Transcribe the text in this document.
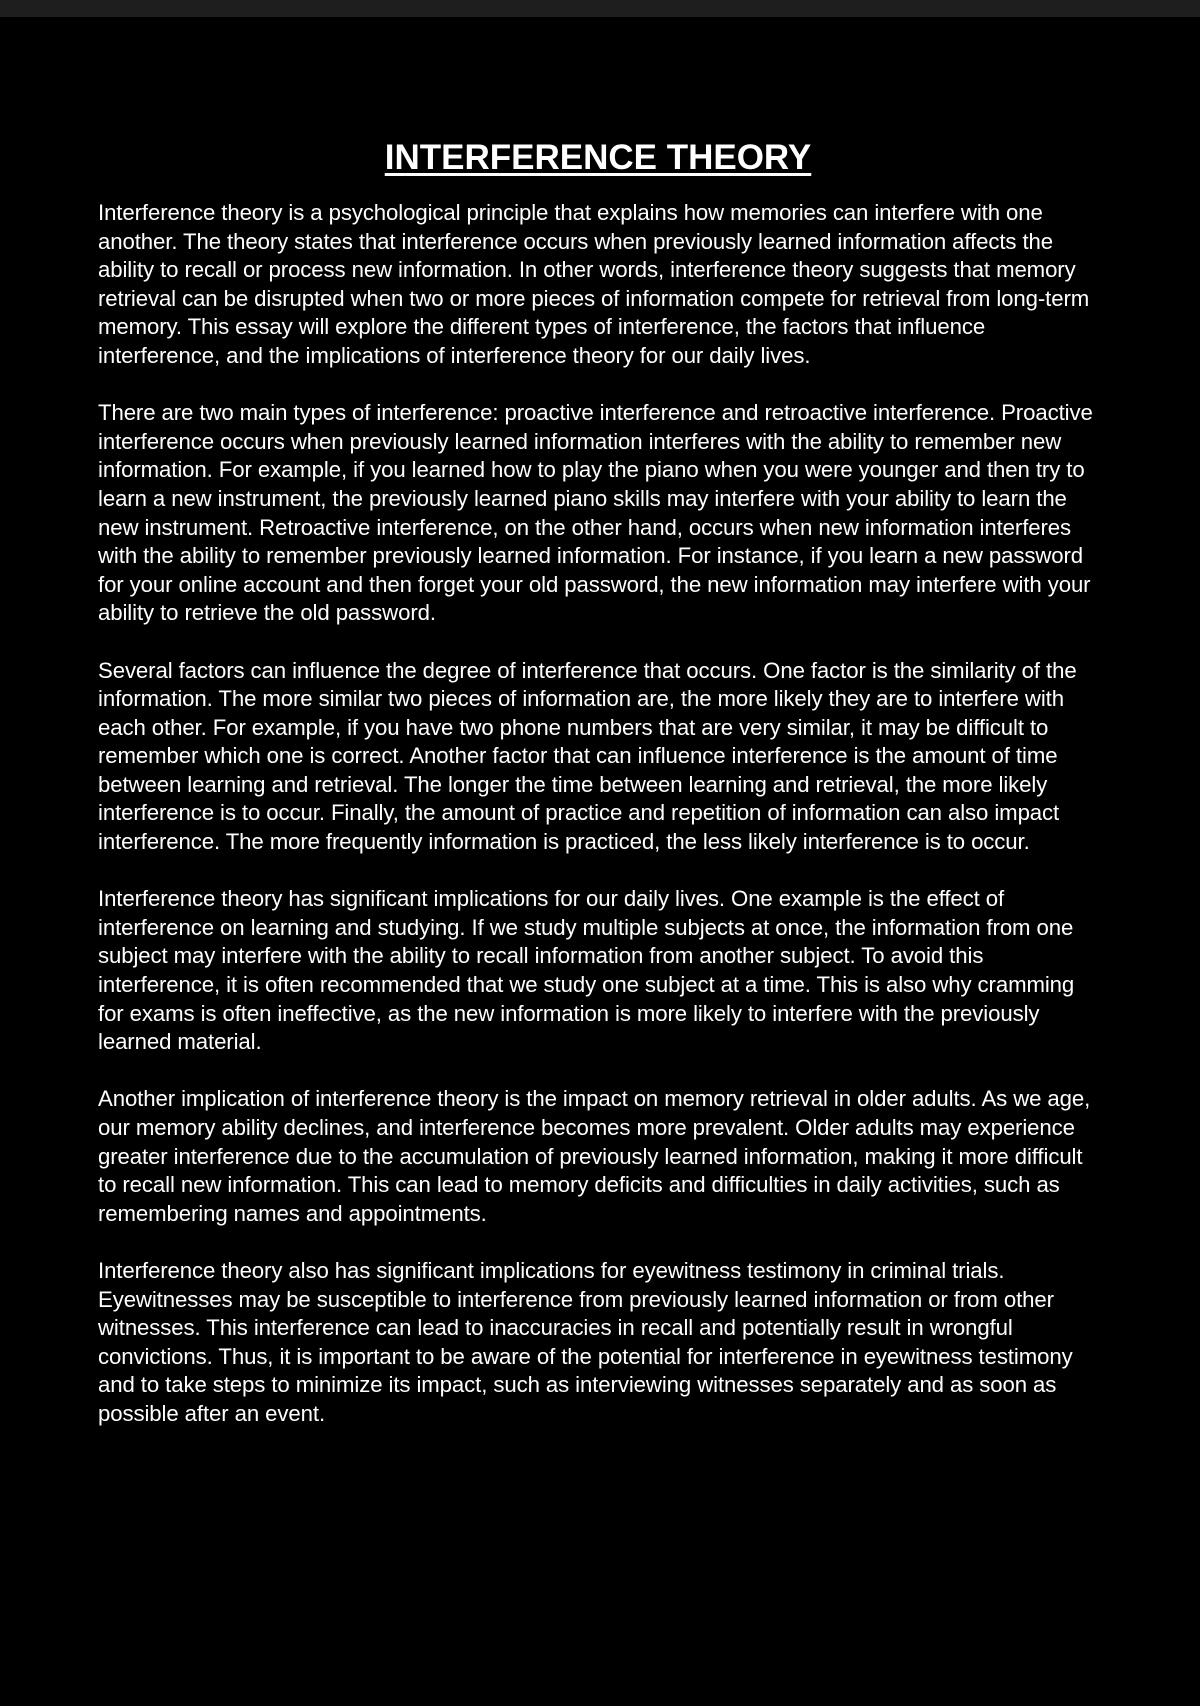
INTERFERENCE THEORY

Interference theory is a psychological principle that explains how memories can interfere with one another. The theory states that interference occurs when previously learned information affects the ability to recall or process new information. In other words, interference theory suggests that memory retrieval can be disrupted when two or more pieces of information compete for retrieval from long-term memory. This essay will explore the different types of interference, the factors that influence interference, and the implications of interference theory for our daily lives.

There are two main types of interference: proactive interference and retroactive interference. Proactive interference occurs when previously learned information interferes with the ability to remember new information. For example, if you learned how to play the piano when you were younger and then try to learn a new instrument, the previously learned piano skills may interfere with your ability to learn the new instrument. Retroactive interference, on the other hand, occurs when new information interferes with the ability to remember previously learned information. For instance, if you learn a new password for your online account and then forget your old password, the new information may interfere with your ability to retrieve the old password.

Several factors can influence the degree of interference that occurs. One factor is the similarity of the information. The more similar two pieces of information are, the more likely they are to interfere with each other. For example, if you have two phone numbers that are very similar, it may be difficult to remember which one is correct. Another factor that can influence interference is the amount of time between learning and retrieval. The longer the time between learning and retrieval, the more likely interference is to occur. Finally, the amount of practice and repetition of information can also impact interference. The more frequently information is practiced, the less likely interference is to occur.

Interference theory has significant implications for our daily lives. One example is the effect of interference on learning and studying. If we study multiple subjects at once, the information from one subject may interfere with the ability to recall information from another subject. To avoid this interference, it is often recommended that we study one subject at a time. This is also why cramming for exams is often ineffective, as the new information is more likely to interfere with the previously learned material.

Another implication of interference theory is the impact on memory retrieval in older adults. As we age, our memory ability declines, and interference becomes more prevalent. Older adults may experience greater interference due to the accumulation of previously learned information, making it more difficult to recall new information. This can lead to memory deficits and difficulties in daily activities, such as remembering names and appointments.

Interference theory also has significant implications for eyewitness testimony in criminal trials. Eyewitnesses may be susceptible to interference from previously learned information or from other witnesses. This interference can lead to inaccuracies in recall and potentially result in wrongful convictions. Thus, it is important to be aware of the potential for interference in eyewitness testimony and to take steps to minimize its impact, such as interviewing witnesses separately and as soon as possible after an event.
